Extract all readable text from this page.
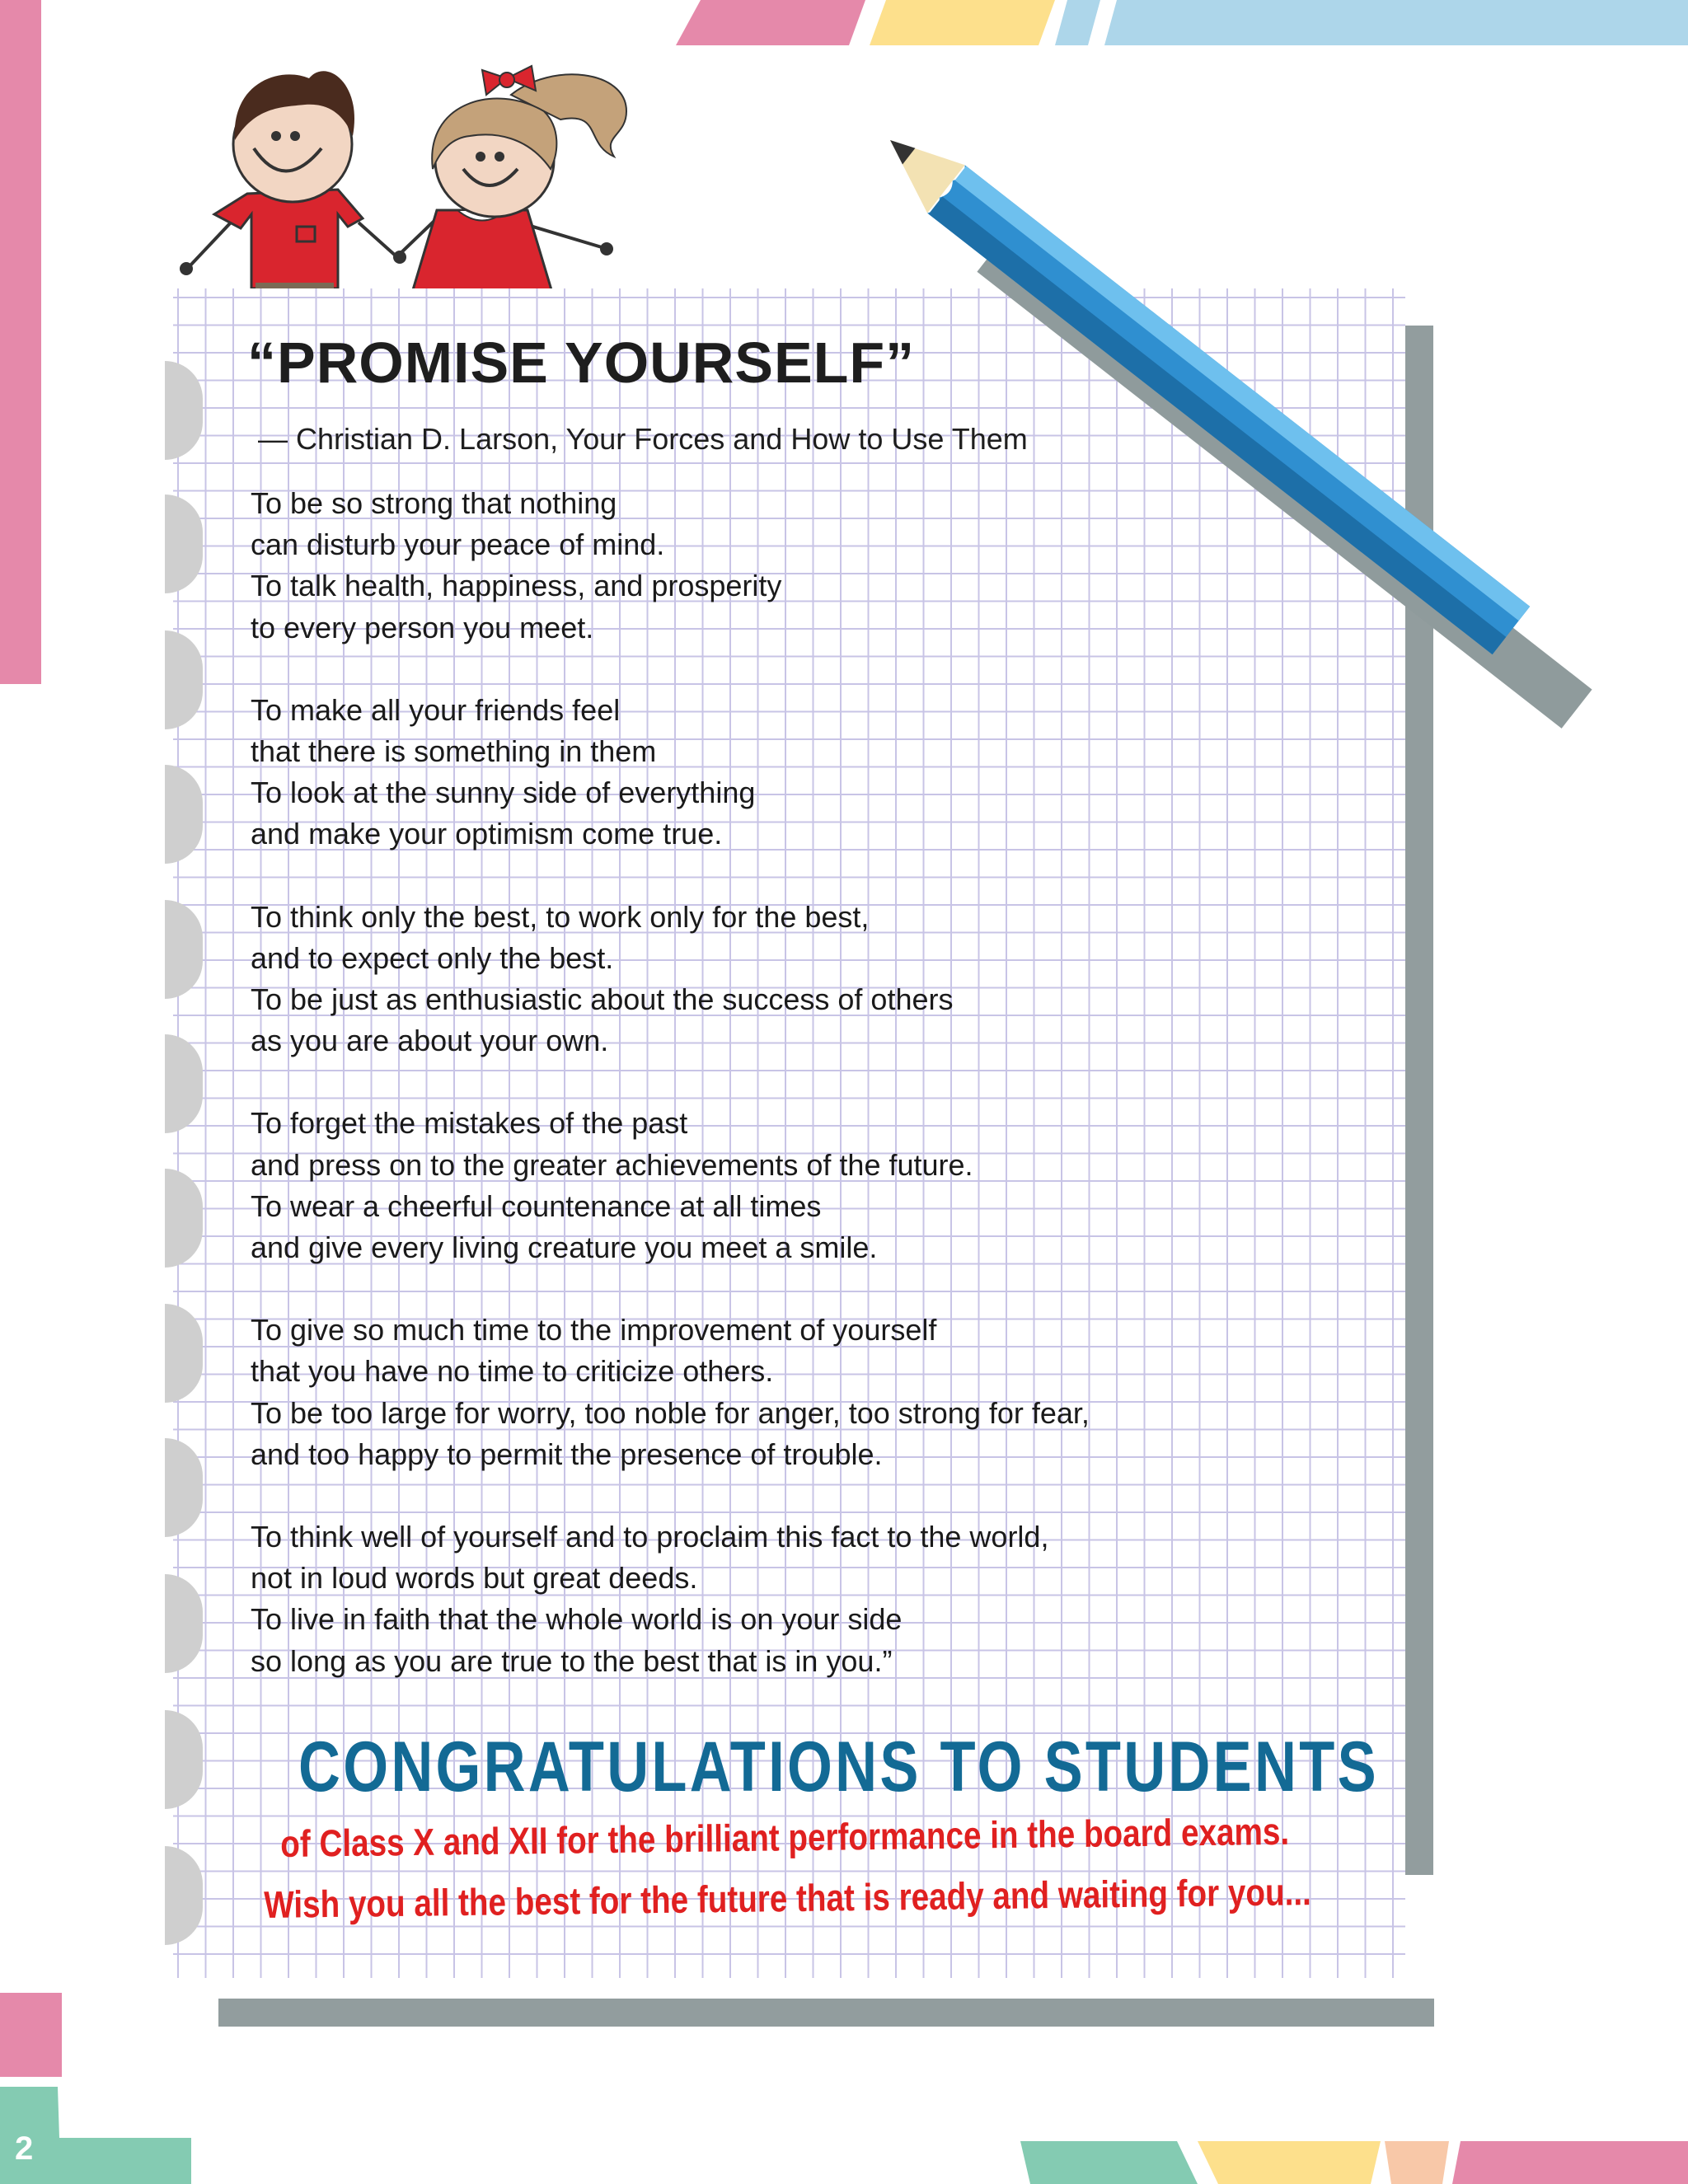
“PROMISE YOURSELF”

— Christian D. Larson, Your Forces and How to Use Them

To be so strong that nothing
can disturb your peace of mind.
To talk health, happiness, and prosperity
to every person you meet.

To make all your friends feel
that there is something in them
To look at the sunny side of everything
and make your optimism come true.

To think only the best, to work only for the best,
and to expect only the best.
To be just as enthusiastic about the success of others
as you are about your own.

To forget the mistakes of the past
and press on to the greater achievements of the future.
To wear a cheerful countenance at all times
and give every living creature you meet a smile.

To give so much time to the improvement of yourself
that you have no time to criticize others.
To be too large for worry, too noble for anger, too strong for fear,
and too happy to permit the presence of trouble.

To think well of yourself and to proclaim this fact to the world,
not in loud words but great deeds.
To live in faith that the whole world is on your side
so long as you are true to the best that is in you.”

CONGRATULATIONS TO STUDENTS

of Class X and XII for the brilliant performance in the board exams.

Wish you all the best for the future that is ready and waiting for you...

2
